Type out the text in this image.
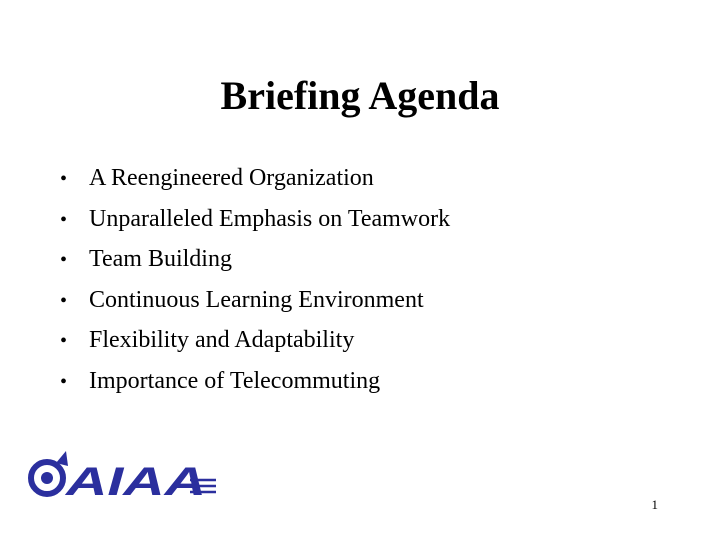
Briefing Agenda
• A Reengineered Organization
• Unparalleled Emphasis on Teamwork
• Team Building
• Continuous Learning Environment
• Flexibility and Adaptability
• Importance of Telecommuting
AIAA
1
